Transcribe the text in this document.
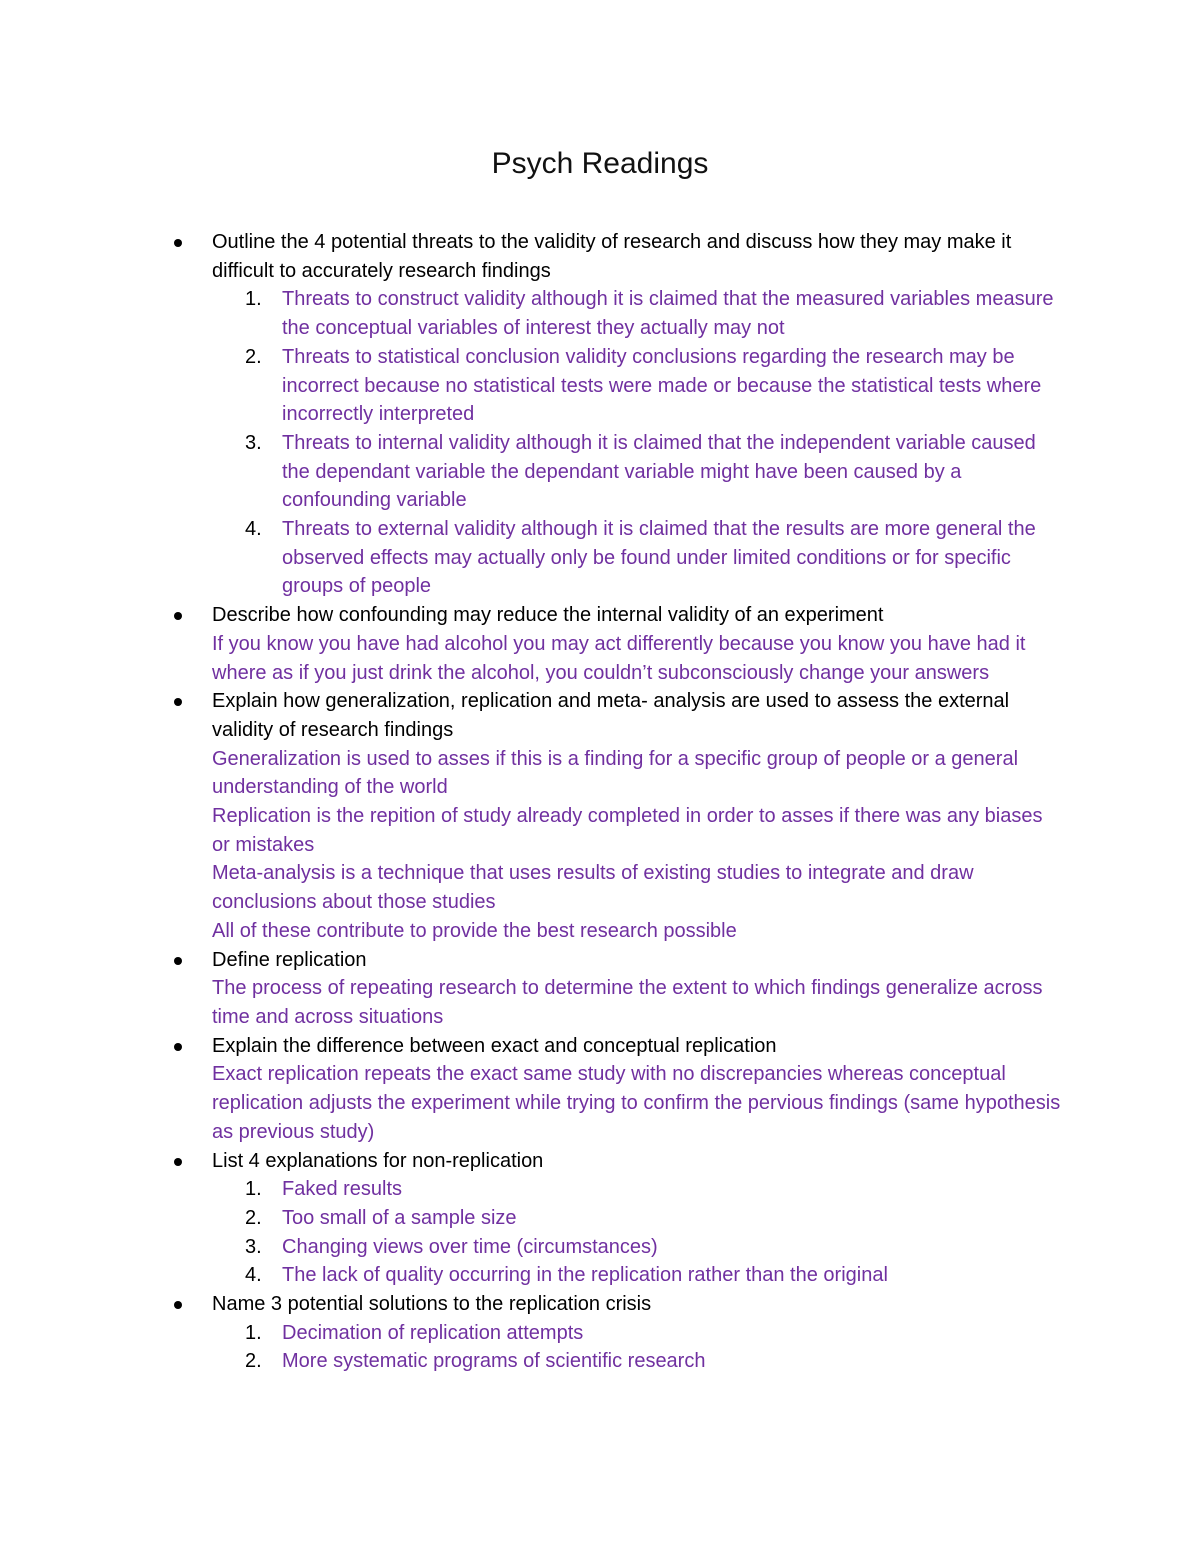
Psych Readings
Outline the 4 potential threats to the validity of research and discuss how they may make it difficult to accurately research findings
1. Threats to construct validity although it is claimed that the measured variables measure the conceptual variables of interest they actually may not
2. Threats to statistical conclusion validity conclusions regarding the research may be incorrect because no statistical tests were made or because the statistical tests where incorrectly interpreted
3. Threats to internal validity although it is claimed that the independent variable caused the dependant variable the dependant variable might have been caused by a confounding variable
4. Threats to external validity although it is claimed that the results are more general the observed effects may actually only be found under limited conditions or for specific groups of people
Describe how confounding may reduce the internal validity of an experiment
If you know you have had alcohol you may act differently because you know you have had it where as if you just drink the alcohol, you couldn’t subconsciously change your answers
Explain how generalization, replication and meta- analysis are used to assess the external validity of research findings
Generalization is used to asses if this is a finding for a specific group of people or a general understanding of the world
Replication is the repition of study already completed in order to asses if there was any biases or mistakes
Meta-analysis is a technique that uses results of existing studies to integrate and draw conclusions about those studies
All of these contribute to provide the best research possible
Define replication
The process of repeating research to determine the extent to which findings generalize across time and across situations
Explain the difference between exact and conceptual replication
Exact replication repeats the exact same study with no discrepancies whereas conceptual replication adjusts the experiment while trying to confirm the pervious findings (same hypothesis as previous study)
List 4 explanations for non-replication
1. Faked results
2. Too small of a sample size
3. Changing views over time (circumstances)
4. The lack of quality occurring in the replication rather than the original
Name 3 potential solutions to the replication crisis
1. Decimation of replication attempts
2. More systematic programs of scientific research
